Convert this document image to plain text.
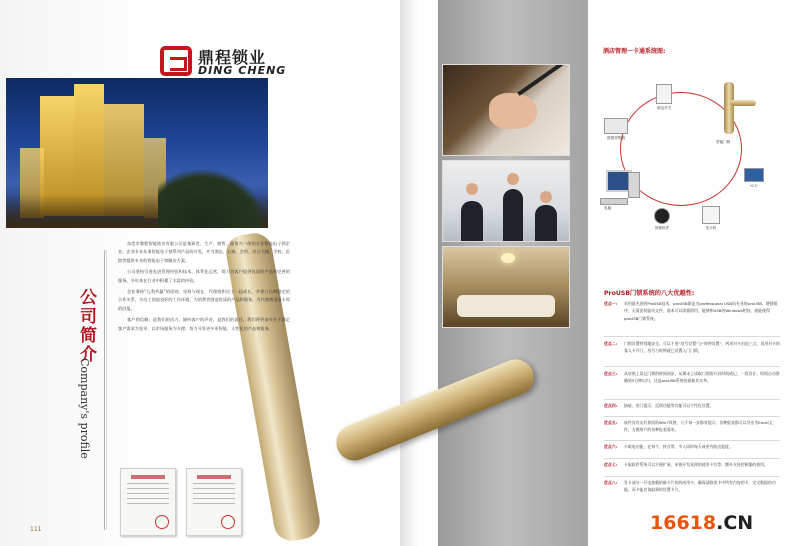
鼎程锁业
DING CHENG
公司简介
Company's profile

东莞市鼎程智能锁业有限公司是集研发、生产、销售、服务为一体的专业智能电子锁企业，企业专业从事智能电子锁系列产品的开发，并为酒店、公寓、会所、办公大楼、学校、医院等提供专业的智能电子锁解决方案。

公司坚持引进先进管理经验和技术，体系化运营，竭力为客户提供优质的产品和完善的服务，多年来在行业中积累了丰富的经验。

企业秉持“互利共赢”的原则，坚持与现在、代理商和员工一起成长，并建立长期稳定的合作关系，为员工创造良好的工作环境，为消费者创造优质的产品和服务，为代理商创造丰厚的回报。

客户的信赖，是我们的动力，倾听客户的声音，是我们的责任。我们将更加专注于满足客户需求为先导，以市场服务为支撑，努力开发更多更智能、人性化的产品和服务。

111
酒店管理一卡通系统图:
取电开关
智能门锁
数据采集器
电脑
管理软件	发卡机
IC卡
ProUSB门锁系统的八大优越性:
优点一: 采用最先进的ProUSB技术，proUSB即是为professional USB而专业的proUSB，增强排序，无需安装驱动文件，基本可以即插即用，能够和USB的Windows相容，就能使得proUSB门锁系统。
优点二: 门锁设置特别地安全，可以不用“房号设置”与“时钟设置”，两项对卡由国三点，再用对卡的客人卡开门，房号与时钟就已设置入门门锁。
优点三: 从房锁上读记门锁的时间同步，从期末上读取门锁的开启时间或记，一段设计，时间自动准确到5分钟以内，这是proUSB系统的最新其实革。
优点四: 抽屉、房门提示，反锁功能等功能可以个性化设置。
优点五: 软件具有友好界面的Win7风格，几千每一步都有提示，各种报表都可以导出为Excel文件，方便用户的各种报表需求。
优点六: 卡取电功能，在每个、持点等，多人同时每天或更有防出报度。
优点七: 卡取软件系统可以方便扩展，单独开发延伸的使用卡位等，额外支持控制器的使用。
优点八: 发卡部分一开电加载的新卡片的的成用卡，确保清除房卡中所有内容的卡，完全数据的功能，而卡能存读取到的设置卡片。
16618.CN
